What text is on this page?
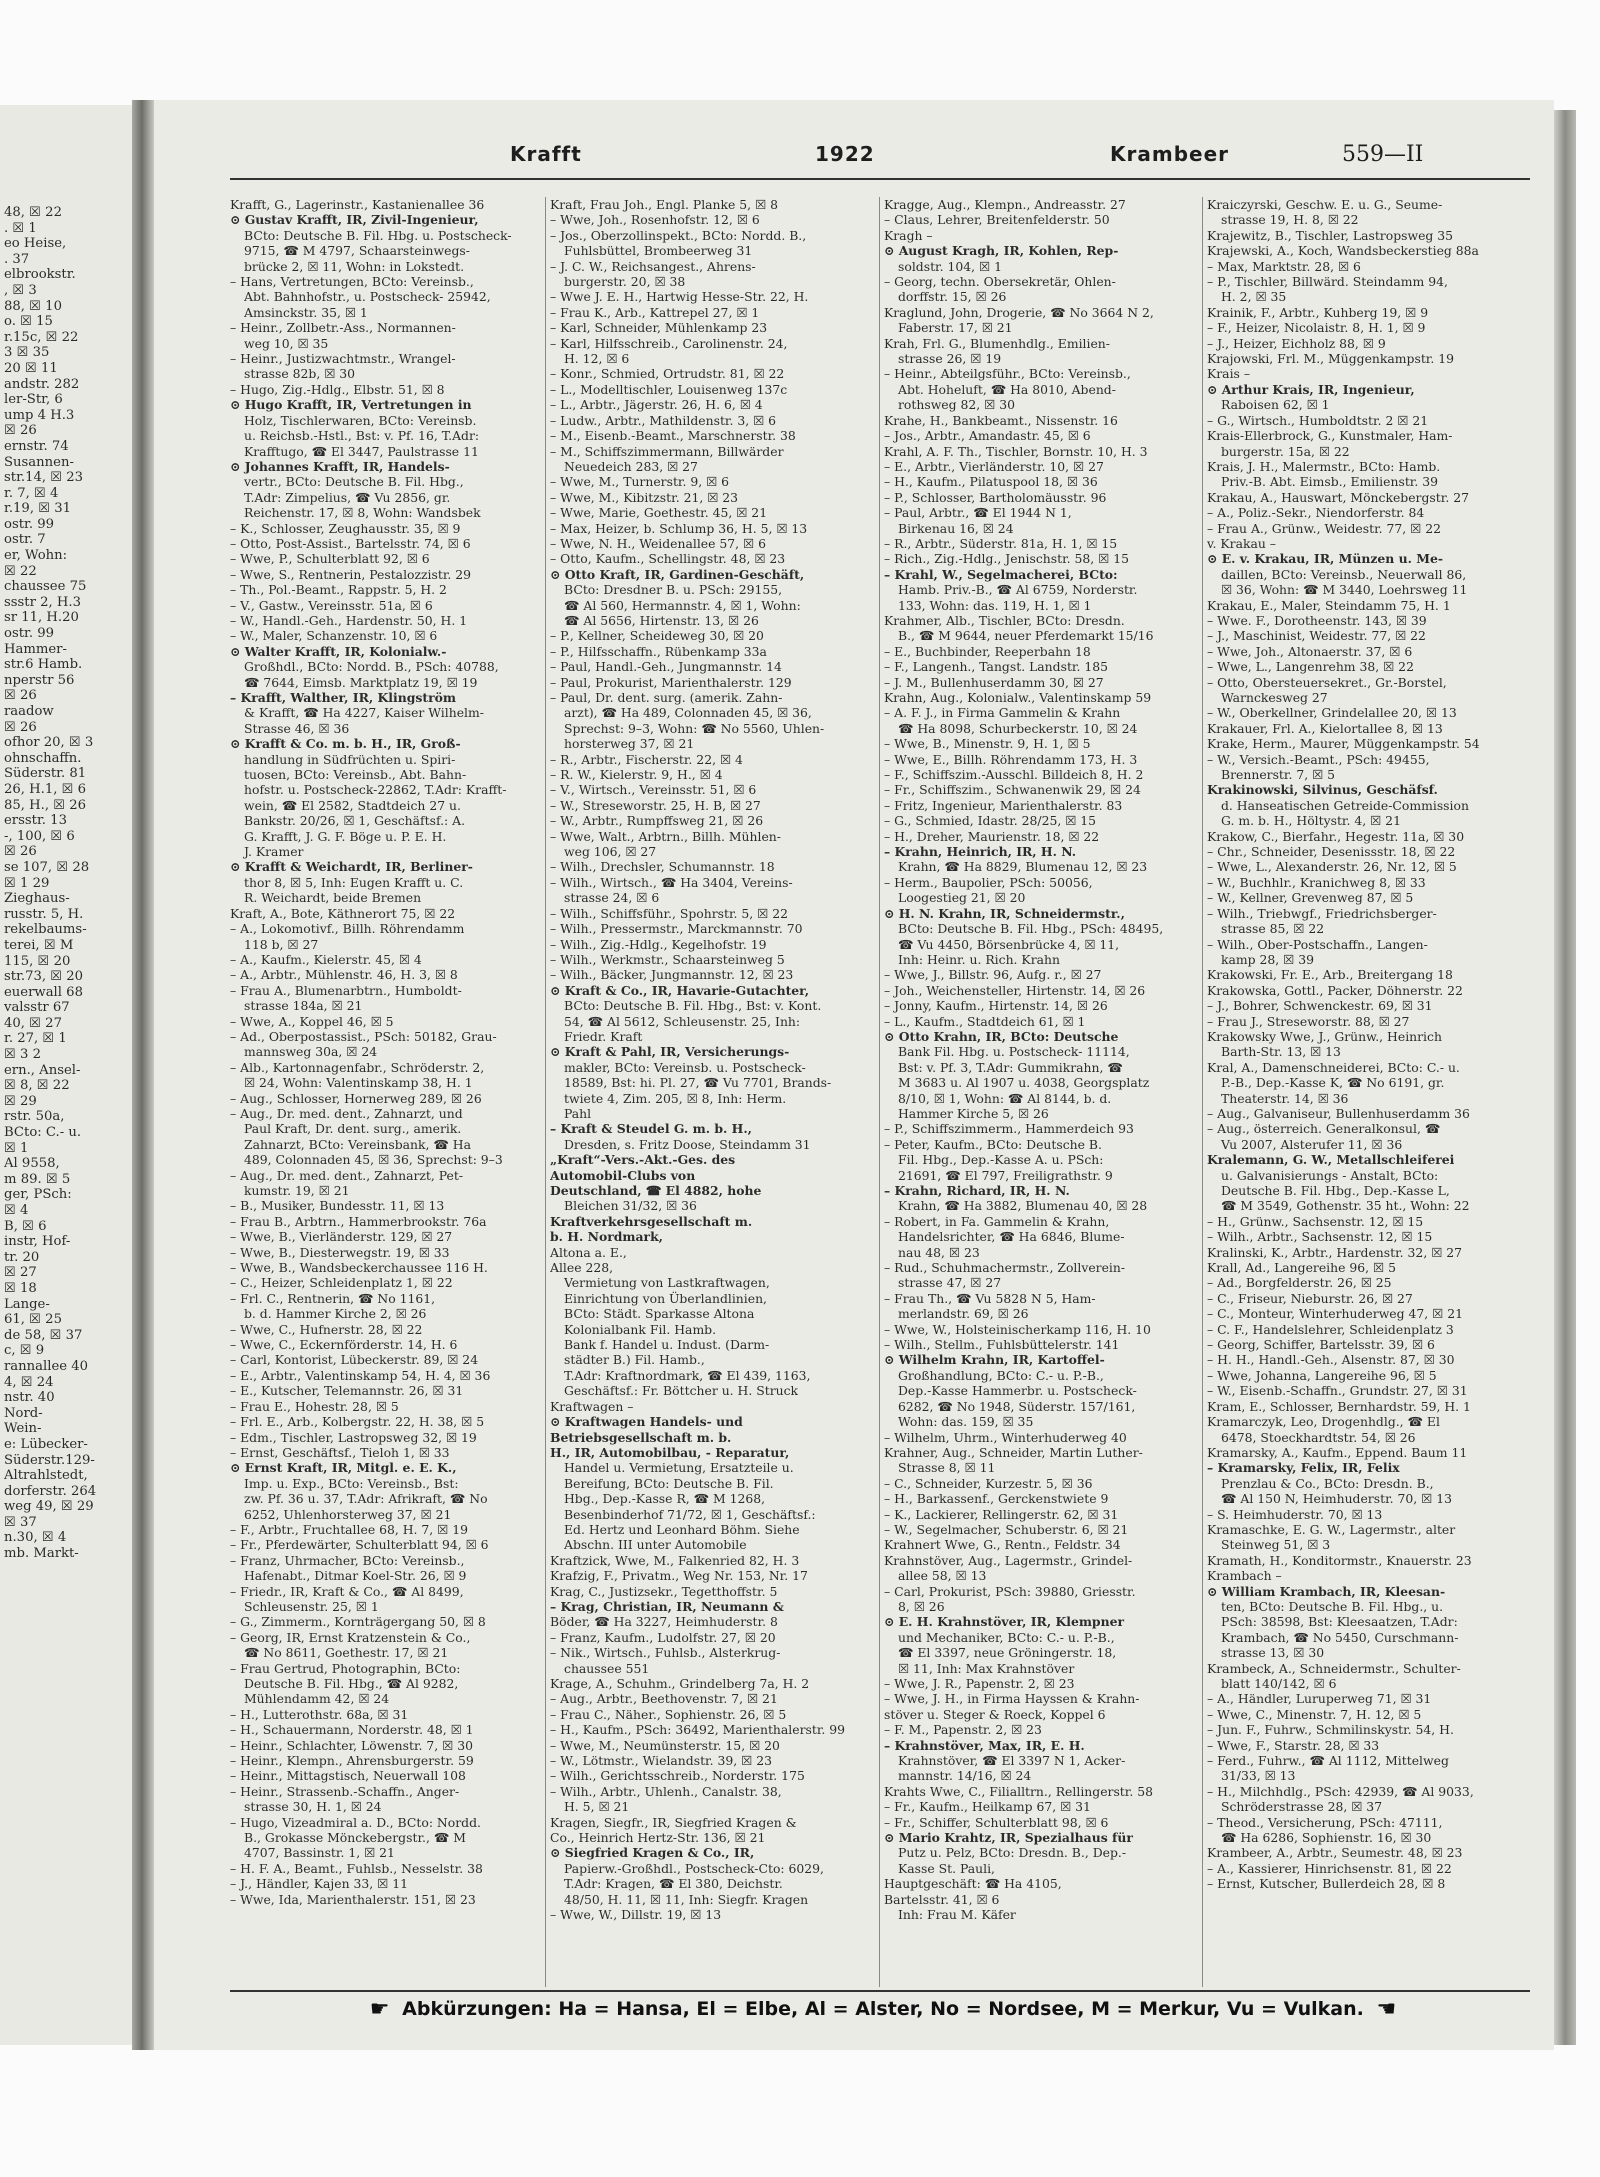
48, ☒ 22
. ☒ 1
eo Heise,
. 37
elbrookstr.
, ☒ 3
88, ☒ 10
o. ☒ 15
r.15c, ☒ 22
3 ☒ 35
20 ☒ 11
andstr. 282
ler-Str, 6
ump 4 H.3
☒ 26
ernstr. 74
Susannen-
str.14, ☒ 23
r. 7, ☒ 4
r.19, ☒ 31
ostr. 99
ostr. 7
er, Wohn:
☒ 22
chaussee 75
ssstr 2, H.3
sr 11, H.20
ostr. 99
Hammer-
str.6 Hamb.
nperstr 56
☒ 26
raadow
☒ 26
ofhor 20, ☒ 3
ohnschaffn.
Süderstr. 81
26, H.1, ☒ 6
85, H., ☒ 26
ersstr. 13
-, 100, ☒ 6
☒ 26
se 107, ☒ 28
☒ 1 29
Zieghaus-
russtr. 5, H.
rekelbaums-
terei, ☒ M
115, ☒ 20
str.73, ☒ 20
euerwall 68
valsstr 67
40, ☒ 27
r. 27, ☒ 1
☒ 3 2
ern., Ansel-
☒ 8, ☒ 22
☒ 29
rstr. 50a,
BCto: C.- u.
☒ 1
Al 9558,
m 89. ☒ 5
ger, PSch:
☒ 4
B, ☒ 6
instr, Hof-
tr. 20
☒ 27
☒ 18
Lange-
61, ☒ 25
de 58, ☒ 37
c, ☒ 9
rannallee 40
4, ☒ 24
nstr. 40
Nord-
Wein-
e: Lübecker-
Süderstr.129-
Altrahlstedt,
dorferstr. 264
weg 49, ☒ 29
☒ 37
n.30, ☒ 4
mb. Markt-
Krafft	1922	Krambeer	559—II
Krafft, G., Lagerinstr., Kastanienallee 36
⊙ Gustav Krafft, IR, Zivil-Ingenieur,
BCto: Deutsche B. Fil. Hbg. u. Postscheck-
9715, ☎ M 4797, Schaarsteinwegs-
brücke 2, ☒ 11, Wohn: in Lokstedt.
– Hans, Vertretungen, BCto: Vereinsb.,
Abt. Bahnhofstr., u. Postscheck- 25942,
Amsinckstr. 35, ☒ 1
– Heinr., Zollbetr.-Ass., Normannen-
weg 10, ☒ 35
– Heinr., Justizwachtmstr., Wrangel-
strasse 82b, ☒ 30
– Hugo, Zig.-Hdlg., Elbstr. 51, ☒ 8
⊙ Hugo Krafft, IR, Vertretungen in
Holz, Tischlerwaren, BCto: Vereinsb.
u. Reichsb.-Hstl., Bst: v. Pf. 16, T.Adr:
Krafftugo, ☎ El 3447, Paulstrasse 11
⊙ Johannes Krafft, IR, Handels-
vertr., BCto: Deutsche B. Fil. Hbg.,
T.Adr: Zimpelius, ☎ Vu 2856, gr.
Reichenstr. 17, ☒ 8, Wohn: Wandsbek
– K., Schlosser, Zeughausstr. 35, ☒ 9
– Otto, Post-Assist., Bartelsstr. 74, ☒ 6
– Wwe, P., Schulterblatt 92, ☒ 6
– Wwe, S., Rentnerin, Pestalozzistr. 29
– Th., Pol.-Beamt., Rappstr. 5, H. 2
– V., Gastw., Vereinsstr. 51a, ☒ 6
– W., Handl.-Geh., Hardenstr. 50, H. 1
– W., Maler, Schanzenstr. 10, ☒ 6
⊙ Walter Krafft, IR, Kolonialw.-
Großhdl., BCto: Nordd. B., PSch: 40788,
☎ 7644, Eimsb. Marktplatz 19, ☒ 19
– Krafft, Walther, IR, Klingström
& Krafft, ☎ Ha 4227, Kaiser Wilhelm-
Strasse 46, ☒ 36
⊙ Krafft & Co. m. b. H., IR, Groß-
handlung in Südfrüchten u. Spiri-
tuosen, BCto: Vereinsb., Abt. Bahn-
hofstr. u. Postscheck-22862, T.Adr: Krafft-
wein, ☎ El 2582, Stadtdeich 27 u.
Bankstr. 20/26, ☒ 1, Geschäftsf.: A.
G. Krafft, J. G. F. Böge u. P. E. H.
J. Kramer
⊙ Krafft & Weichardt, IR, Berliner-
thor 8, ☒ 5, Inh: Eugen Krafft u. C.
R. Weichardt, beide Bremen
Kraft, A., Bote, Käthnerort 75, ☒ 22
– A., Lokomotivf., Billh. Röhrendamm
118 b, ☒ 27
– A., Kaufm., Kielerstr. 45, ☒ 4
– A., Arbtr., Mühlenstr. 46, H. 3, ☒ 8
– Frau A., Blumenarbtrn., Humboldt-
strasse 184a, ☒ 21
– Wwe, A., Koppel 46, ☒ 5
– Ad., Oberpostassist., PSch: 50182, Grau-
mannsweg 30a, ☒ 24
– Alb., Kartonnagenfabr., Schröderstr. 2,
☒ 24, Wohn: Valentinskamp 38, H. 1
– Aug., Schlosser, Hornerweg 289, ☒ 26
– Aug., Dr. med. dent., Zahnarzt, und
Paul Kraft, Dr. dent. surg., amerik.
Zahnarzt, BCto: Vereinsbank, ☎ Ha
489, Colonnaden 45, ☒ 36, Sprechst: 9–3
– Aug., Dr. med. dent., Zahnarzt, Pet-
kumstr. 19, ☒ 21
– B., Musiker, Bundesstr. 11, ☒ 13
– Frau B., Arbtrn., Hammerbrookstr. 76a
– Wwe, B., Vierländerstr. 129, ☒ 27
– Wwe, B., Diesterwegstr. 19, ☒ 33
– Wwe, B., Wandsbeckerchaussee 116 H.
– C., Heizer, Schleidenplatz 1, ☒ 22
– Frl. C., Rentnerin, ☎ No 1161,
b. d. Hammer Kirche 2, ☒ 26
– Wwe, C., Hufnerstr. 28, ☒ 22
– Wwe, C., Eckernförderstr. 14, H. 6
– Carl, Kontorist, Lübeckerstr. 89, ☒ 24
– E., Arbtr., Valentinskamp 54, H. 4, ☒ 36
– E., Kutscher, Telemannstr. 26, ☒ 31
– Frau E., Hohestr. 28, ☒ 5
– Frl. E., Arb., Kolbergstr. 22, H. 38, ☒ 5
– Edm., Tischler, Lastropsweg 32, ☒ 19
– Ernst, Geschäftsf., Tieloh 1, ☒ 33
⊙ Ernst Kraft, IR, Mitgl. e. E. K.,
Imp. u. Exp., BCto: Vereinsb., Bst:
zw. Pf. 36 u. 37, T.Adr: Afrikraft, ☎ No
6252, Uhlenhorsterweg 37, ☒ 21
– F., Arbtr., Fruchtallee 68, H. 7, ☒ 19
– Fr., Pferdewärter, Schulterblatt 94, ☒ 6
– Franz, Uhrmacher, BCto: Vereinsb.,
Hafenabt., Ditmar Koel-Str. 26, ☒ 9
– Friedr., IR, Kraft & Co., ☎ Al 8499,
Schleusenstr. 25, ☒ 1
– G., Zimmerm., Kornträgergang 50, ☒ 8
– Georg, IR, Ernst Kratzenstein & Co.,
☎ No 8611, Goethestr. 17, ☒ 21
– Frau Gertrud, Photographin, BCto:
Deutsche B. Fil. Hbg., ☎ Al 9282,
Mühlendamm 42, ☒ 24
– H., Lutterothstr. 68a, ☒ 31
– H., Schauermann, Norderstr. 48, ☒ 1
– Heinr., Schlachter, Löwenstr. 7, ☒ 30
– Heinr., Klempn., Ahrensburgerstr. 59
– Heinr., Mittagstisch, Neuerwall 108
– Heinr., Strassenb.-Schaffn., Anger-
strasse 30, H. 1, ☒ 24
– Hugo, Vizeadmiral a. D., BCto: Nordd.
B., Grokasse Mönckebergstr., ☎ M
4707, Bassinstr. 1, ☒ 21
– H. F. A., Beamt., Fuhlsb., Nesselstr. 38
– J., Händler, Kajen 33, ☒ 11
– Wwe, Ida, Marienthalerstr. 151, ☒ 23
Kraft, Frau Joh., Engl. Planke 5, ☒ 8
– Wwe, Joh., Rosenhofstr. 12, ☒ 6
– Jos., Oberzollinspekt., BCto: Nordd. B.,
Fuhlsbüttel, Brombeerweg 31
– J. C. W., Reichsangest., Ahrens-
burgerstr. 20, ☒ 38
– Wwe J. E. H., Hartwig Hesse-Str. 22, H.
– Frau K., Arb., Kattrepel 27, ☒ 1
– Karl, Schneider, Mühlenkamp 23
– Karl, Hilfsschreib., Carolinenstr. 24,
H. 12, ☒ 6
– Konr., Schmied, Ortrudstr. 81, ☒ 22
– L., Modelltischler, Louisenweg 137c
– L., Arbtr., Jägerstr. 26, H. 6, ☒ 4
– Ludw., Arbtr., Mathildenstr. 3, ☒ 6
– M., Eisenb.-Beamt., Marschnerstr. 38
– M., Schiffszimmermann, Billwärder
Neuedeich 283, ☒ 27
– Wwe, M., Turnerstr. 9, ☒ 6
– Wwe, M., Kibitzstr. 21, ☒ 23
– Wwe, Marie, Goethestr. 45, ☒ 21
– Max, Heizer, b. Schlump 36, H. 5, ☒ 13
– Wwe, N. H., Weidenallee 57, ☒ 6
– Otto, Kaufm., Schellingstr. 48, ☒ 23
⊙ Otto Kraft, IR, Gardinen-Geschäft,
BCto: Dresdner B. u. PSch: 29155,
☎ Al 560, Hermannstr. 4, ☒ 1, Wohn:
☎ Al 5656, Hirtenstr. 13, ☒ 26
– P., Kellner, Scheideweg 30, ☒ 20
– P., Hilfsschaffn., Rübenkamp 33a
– Paul, Handl.-Geh., Jungmannstr. 14
– Paul, Prokurist, Marienthalerstr. 129
– Paul, Dr. dent. surg. (amerik. Zahn-
arzt), ☎ Ha 489, Colonnaden 45, ☒ 36,
Sprechst: 9–3, Wohn: ☎ No 5560, Uhlen-
horsterweg 37, ☒ 21
– R., Arbtr., Fischerstr. 22, ☒ 4
– R. W., Kielerstr. 9, H., ☒ 4
– V., Wirtsch., Vereinsstr. 51, ☒ 6
– W., Streseworstr. 25, H. B, ☒ 27
– W., Arbtr., Rumpffsweg 21, ☒ 26
– Wwe, Walt., Arbtrn., Billh. Mühlen-
weg 106, ☒ 27
– Wilh., Drechsler, Schumannstr. 18
– Wilh., Wirtsch., ☎ Ha 3404, Vereins-
strasse 24, ☒ 6
– Wilh., Schiffsführ., Spohrstr. 5, ☒ 22
– Wilh., Pressermstr., Marckmannstr. 70
– Wilh., Zig.-Hdlg., Kegelhofstr. 19
– Wilh., Werkmstr., Schaarsteinweg 5
– Wilh., Bäcker, Jungmannstr. 12, ☒ 23
⊙ Kraft & Co., IR, Havarie-Gutachter,
BCto: Deutsche B. Fil. Hbg., Bst: v. Kont.
54, ☎ Al 5612, Schleusenstr. 25, Inh:
Friedr. Kraft
⊙ Kraft & Pahl, IR, Versicherungs-
makler, BCto: Vereinsb. u. Postscheck-
18589, Bst: hi. Pl. 27, ☎ Vu 7701, Brands-
twiete 4, Zim. 205, ☒ 8, Inh: Herm.
Pahl
– Kraft & Steudel G. m. b. H.,
Dresden, s. Fritz Doose, Steindamm 31
„Kraft“-Vers.-Akt.-Ges. des
Automobil-Clubs von
Deutschland, ☎ El 4882, hohe
Bleichen 31/32, ☒ 36
Kraftverkehrsgesellschaft m.
b. H. Nordmark,
Altona a. E.,
Allee 228,
Vermietung von Lastkraftwagen,
Einrichtung von Überlandlinien,
BCto: Städt. Sparkasse Altona
Kolonialbank Fil. Hamb.
Bank f. Handel u. Indust. (Darm-
städter B.) Fil. Hamb.,
T.Adr: Kraftnordmark, ☎ El 439, 1163,
Geschäftsf.: Fr. Böttcher u. H. Struck
Kraftwagen –
⊙ Kraftwagen Handels- und
Betriebsgesellschaft m. b.
H., IR, Automobilbau, - Reparatur,
Handel u. Vermietung, Ersatzteile u.
Bereifung, BCto: Deutsche B. Fil.
Hbg., Dep.-Kasse R, ☎ M 1268,
Besenbinderhof 71/72, ☒ 1, Geschäftsf.:
Ed. Hertz und Leonhard Böhm. Siehe
Abschn. III unter Automobile
Kraftzick, Wwe, M., Falkenried 82, H. 3
Krafzig, F., Privatm., Weg Nr. 153, Nr. 17
Krag, C., Justizsekr., Tegetthoffstr. 5
– Krag, Christian, IR, Neumann &
Böder, ☎ Ha 3227, Heimhuderstr. 8
– Franz, Kaufm., Ludolfstr. 27, ☒ 20
– Nik., Wirtsch., Fuhlsb., Alsterkrug-
chaussee 551
Krage, A., Schuhm., Grindelberg 7a, H. 2
– Aug., Arbtr., Beethovenstr. 7, ☒ 21
– Frau C., Näher., Sophienstr. 26, ☒ 5
– H., Kaufm., PSch: 36492, Marienthalerstr. 99
– Wwe, M., Neumünsterstr. 15, ☒ 20
– W., Lötmstr., Wielandstr. 39, ☒ 23
– Wilh., Gerichtsschreib., Norderstr. 175
– Wilh., Arbtr., Uhlenh., Canalstr. 38,
H. 5, ☒ 21
Kragen, Siegfr., IR, Siegfried Kragen &
Co., Heinrich Hertz-Str. 136, ☒ 21
⊙ Siegfried Kragen & Co., IR,
Papierw.-Großhdl., Postscheck-Cto: 6029,
T.Adr: Kragen, ☎ El 380, Deichstr.
48/50, H. 11, ☒ 11, Inh: Siegfr. Kragen
– Wwe, W., Dillstr. 19, ☒ 13
Kragge, Aug., Klempn., Andreasstr. 27
– Claus, Lehrer, Breitenfelderstr. 50
Kragh –
⊙ August Kragh, IR, Kohlen, Rep-
soldstr. 104, ☒ 1
– Georg, techn. Obersekretär, Ohlen-
dorffstr. 15, ☒ 26
Kraglund, John, Drogerie, ☎ No 3664 N 2,
Faberstr. 17, ☒ 21
Krah, Frl. G., Blumenhdlg., Emilien-
strasse 26, ☒ 19
– Heinr., Abteilgsführ., BCto: Vereinsb.,
Abt. Hoheluft, ☎ Ha 8010, Abend-
rothsweg 82, ☒ 30
Krahe, H., Bankbeamt., Nissenstr. 16
– Jos., Arbtr., Amandastr. 45, ☒ 6
Krahl, A. F. Th., Tischler, Bornstr. 10, H. 3
– E., Arbtr., Vierländerstr. 10, ☒ 27
– H., Kaufm., Pilatuspool 18, ☒ 36
– P., Schlosser, Bartholomäusstr. 96
– Paul, Arbtr., ☎ El 1944 N 1,
Birkenau 16, ☒ 24
– R., Arbtr., Süderstr. 81a, H. 1, ☒ 15
– Rich., Zig.-Hdlg., Jenischstr. 58, ☒ 15
– Krahl, W., Segelmacherei, BCto:
Hamb. Priv.-B., ☎ Al 6759, Norderstr.
133, Wohn: das. 119, H. 1, ☒ 1
Krahmer, Alb., Tischler, BCto: Dresdn.
B., ☎ M 9644, neuer Pferdemarkt 15/16
– E., Buchbinder, Reeperbahn 18
– F., Langenh., Tangst. Landstr. 185
– J. M., Bullenhuserdamm 30, ☒ 27
Krahn, Aug., Kolonialw., Valentinskamp 59
– A. F. J., in Firma Gammelin & Krahn
☎ Ha 8098, Schurbeckerstr. 10, ☒ 24
– Wwe, B., Minenstr. 9, H. 1, ☒ 5
– Wwe, E., Billh. Röhrendamm 173, H. 3
– F., Schiffszim.-Ausschl. Billdeich 8, H. 2
– Fr., Schiffszim., Schwanenwik 29, ☒ 24
– Fritz, Ingenieur, Marienthalerstr. 83
– G., Schmied, Idastr. 28/25, ☒ 15
– H., Dreher, Maurienstr. 18, ☒ 22
– Krahn, Heinrich, IR, H. N.
Krahn, ☎ Ha 8829, Blumenau 12, ☒ 23
– Herm., Baupolier, PSch: 50056,
Loogestieg 21, ☒ 20
⊙ H. N. Krahn, IR, Schneidermstr.,
BCto: Deutsche B. Fil. Hbg., PSch: 48495,
☎ Vu 4450, Börsenbrücke 4, ☒ 11,
Inh: Heinr. u. Rich. Krahn
– Wwe, J., Billstr. 96, Aufg. r., ☒ 27
– Joh., Weichensteller, Hirtenstr. 14, ☒ 26
– Jonny, Kaufm., Hirtenstr. 14, ☒ 26
– L., Kaufm., Stadtdeich 61, ☒ 1
⊙ Otto Krahn, IR, BCto: Deutsche
Bank Fil. Hbg. u. Postscheck- 11114,
Bst: v. Pf. 3, T.Adr: Gummikrahn, ☎
M 3683 u. Al 1907 u. 4038, Georgsplatz
8/10, ☒ 1, Wohn: ☎ Al 8144, b. d.
Hammer Kirche 5, ☒ 26
– P., Schiffszimmerm., Hammerdeich 93
– Peter, Kaufm., BCto: Deutsche B.
Fil. Hbg., Dep.-Kasse A. u. PSch:
21691, ☎ El 797, Freiligrathstr. 9
– Krahn, Richard, IR, H. N.
Krahn, ☎ Ha 3882, Blumenau 40, ☒ 28
– Robert, in Fa. Gammelin & Krahn,
Handelsrichter, ☎ Ha 6846, Blume-
nau 48, ☒ 23
– Rud., Schuhmachermstr., Zollverein-
strasse 47, ☒ 27
– Frau Th., ☎ Vu 5828 N 5, Ham-
merlandstr. 69, ☒ 26
– Wwe, W., Holsteinischerkamp 116, H. 10
– Wilh., Stellm., Fuhlsbüttelerstr. 141
⊙ Wilhelm Krahn, IR, Kartoffel-
Großhandlung, BCto: C.- u. P.-B.,
Dep.-Kasse Hammerbr. u. Postscheck-
6282, ☎ No 1948, Süderstr. 157/161,
Wohn: das. 159, ☒ 35
– Wilhelm, Uhrm., Winterhuderweg 40
Krahner, Aug., Schneider, Martin Luther-
Strasse 8, ☒ 11
– C., Schneider, Kurzestr. 5, ☒ 36
– H., Barkassenf., Gerckenstwiete 9
– K., Lackierer, Rellingerstr. 62, ☒ 31
– W., Segelmacher, Schuberstr. 6, ☒ 21
Krahnert Wwe, G., Rentn., Feldstr. 34
Krahnstöver, Aug., Lagermstr., Grindel-
allee 58, ☒ 13
– Carl, Prokurist, PSch: 39880, Griesstr.
8, ☒ 26
⊙ E. H. Krahnstöver, IR, Klempner
und Mechaniker, BCto: C.- u. P.-B.,
☎ El 3397, neue Gröningerstr. 18,
☒ 11, Inh: Max Krahnstöver
– Wwe, J. R., Papenstr. 2, ☒ 23
– Wwe, J. H., in Firma Hayssen & Krahn-
stöver u. Steger & Roeck, Koppel 6
– F. M., Papenstr. 2, ☒ 23
– Krahnstöver, Max, IR, E. H.
Krahnstöver, ☎ El 3397 N 1, Acker-
mannstr. 14/16, ☒ 24
Krahts Wwe, C., Filialltrn., Rellingerstr. 58
– Fr., Kaufm., Heilkamp 67, ☒ 31
– Fr., Schiffer, Schulterblatt 98, ☒ 6
⊙ Mario Krahtz, IR, Spezialhaus für
Putz u. Pelz, BCto: Dresdn. B., Dep.-
Kasse St. Pauli,
Hauptgeschäft: ☎ Ha 4105,
Bartelsstr. 41, ☒ 6
Inh: Frau M. Käfer
Kraiczyrski, Geschw. E. u. G., Seume-
strasse 19, H. 8, ☒ 22
Krajewitz, B., Tischler, Lastropsweg 35
Krajewski, A., Koch, Wandsbeckerstieg 88a
– Max, Marktstr. 28, ☒ 6
– P., Tischler, Billwärd. Steindamm 94,
H. 2, ☒ 35
Krainik, F., Arbtr., Kuhberg 19, ☒ 9
– F., Heizer, Nicolaistr. 8, H. 1, ☒ 9
– J., Heizer, Eichholz 88, ☒ 9
Krajowski, Frl. M., Müggenkampstr. 19
Krais –
⊙ Arthur Krais, IR, Ingenieur,
Raboisen 62, ☒ 1
– G., Wirtsch., Humboldtstr. 2 ☒ 21
Krais-Ellerbrock, G., Kunstmaler, Ham-
burgerstr. 15a, ☒ 22
Krais, J. H., Malermstr., BCto: Hamb.
Priv.-B. Abt. Eimsb., Emilienstr. 39
Krakau, A., Hauswart, Mönckebergstr. 27
– A., Poliz.-Sekr., Niendorferstr. 84
– Frau A., Grünw., Weidestr. 77, ☒ 22
v. Krakau –
⊙ E. v. Krakau, IR, Münzen u. Me-
daillen, BCto: Vereinsb., Neuerwall 86,
☒ 36, Wohn: ☎ M 3440, Loehrsweg 11
Krakau, E., Maler, Steindamm 75, H. 1
– Wwe. F., Dorotheenstr. 143, ☒ 39
– J., Maschinist, Weidestr. 77, ☒ 22
– Wwe, Joh., Altonaerstr. 37, ☒ 6
– Wwe, L., Langenrehm 38, ☒ 22
– Otto, Obersteuersekret., Gr.-Borstel,
Warnckesweg 27
– W., Oberkellner, Grindelallee 20, ☒ 13
Krakauer, Frl. A., Kielortallee 8, ☒ 13
Krake, Herm., Maurer, Müggenkampstr. 54
– W., Versich.-Beamt., PSch: 49455,
Brennerstr. 7, ☒ 5
Krakinowski, Silvinus, Geschäfsf.
d. Hanseatischen Getreide-Commission
G. m. b. H., Höltystr. 4, ☒ 21
Krakow, C., Bierfahr., Hegestr. 11a, ☒ 30
– Chr., Schneider, Desenissstr. 18, ☒ 22
– Wwe, L., Alexanderstr. 26, Nr. 12, ☒ 5
– W., Buchhlr., Kranichweg 8, ☒ 33
– W., Kellner, Grevenweg 87, ☒ 5
– Wilh., Triebwgf., Friedrichsberger-
strasse 85, ☒ 22
– Wilh., Ober-Postschaffn., Langen-
kamp 28, ☒ 39
Krakowski, Fr. E., Arb., Breitergang 18
Krakowska, Gottl., Packer, Döhnerstr. 22
– J., Bohrer, Schwenckestr. 69, ☒ 31
– Frau J., Streseworstr. 88, ☒ 27
Krakowsky Wwe, J., Grünw., Heinrich
Barth-Str. 13, ☒ 13
Kral, A., Damenschneiderei, BCto: C.- u.
P.-B., Dep.-Kasse K, ☎ No 6191, gr.
Theaterstr. 14, ☒ 36
– Aug., Galvaniseur, Bullenhuserdamm 36
– Aug., österreich. Generalkonsul, ☎
Vu 2007, Alsterufer 11, ☒ 36
Kralemann, G. W., Metallschleiferei
u. Galvanisierungs - Anstalt, BCto:
Deutsche B. Fil. Hbg., Dep.-Kasse L,
☎ M 3549, Gothenstr. 35 ht., Wohn: 22
– H., Grünw., Sachsenstr. 12, ☒ 15
– Wilh., Arbtr., Sachsenstr. 12, ☒ 15
Kralinski, K., Arbtr., Hardenstr. 32, ☒ 27
Krall, Ad., Langereihe 96, ☒ 5
– Ad., Borgfelderstr. 26, ☒ 25
– C., Friseur, Nieburstr. 26, ☒ 27
– C., Monteur, Winterhuderweg 47, ☒ 21
– C. F., Handelslehrer, Schleidenplatz 3
– Georg, Schiffer, Bartelsstr. 39, ☒ 6
– H. H., Handl.-Geh., Alsenstr. 87, ☒ 30
– Wwe, Johanna, Langereihe 96, ☒ 5
– W., Eisenb.-Schaffn., Grundstr. 27, ☒ 31
Kram, E., Schlosser, Bernhardstr. 59, H. 1
Kramarczyk, Leo, Drogenhdlg., ☎ El
6478, Stoeckhardtstr. 54, ☒ 26
Kramarsky, A., Kaufm., Eppend. Baum 11
– Kramarsky, Felix, IR, Felix
Prenzlau & Co., BCto: Dresdn. B.,
☎ Al 150 N, Heimhuderstr. 70, ☒ 13
– S. Heimhuderstr. 70, ☒ 13
Kramaschke, E. G. W., Lagermstr., alter
Steinweg 51, ☒ 3
Kramath, H., Konditormstr., Knauerstr. 23
Krambach –
⊙ William Krambach, IR, Kleesan-
ten, BCto: Deutsche B. Fil. Hbg., u.
PSch: 38598, Bst: Kleesaatzen, T.Adr:
Krambach, ☎ No 5450, Curschmann-
strasse 13, ☒ 30
Krambeck, A., Schneidermstr., Schulter-
blatt 140/142, ☒ 6
– A., Händler, Luruperweg 71, ☒ 31
– Wwe, C., Minenstr. 7, H. 12, ☒ 5
– Jun. F., Fuhrw., Schmilinskystr. 54, H.
– Wwe, F., Starstr. 28, ☒ 33
– Ferd., Fuhrw., ☎ Al 1112, Mittelweg
31/33, ☒ 13
– H., Milchhdlg., PSch: 42939, ☎ Al 9033,
Schröderstrasse 28, ☒ 37
– Theod., Versicherung, PSch: 47111,
☎ Ha 6286, Sophienstr. 16, ☒ 30
Krambeer, A., Arbtr., Seumestr. 48, ☒ 23
– A., Kassierer, Hinrichsenstr. 81, ☒ 22
– Ernst, Kutscher, Bullerdeich 28, ☒ 8
☛ Abkürzungen: Ha = Hansa, El = Elbe, Al = Alster, No = Nordsee, M = Merkur, Vu = Vulkan. ☚
